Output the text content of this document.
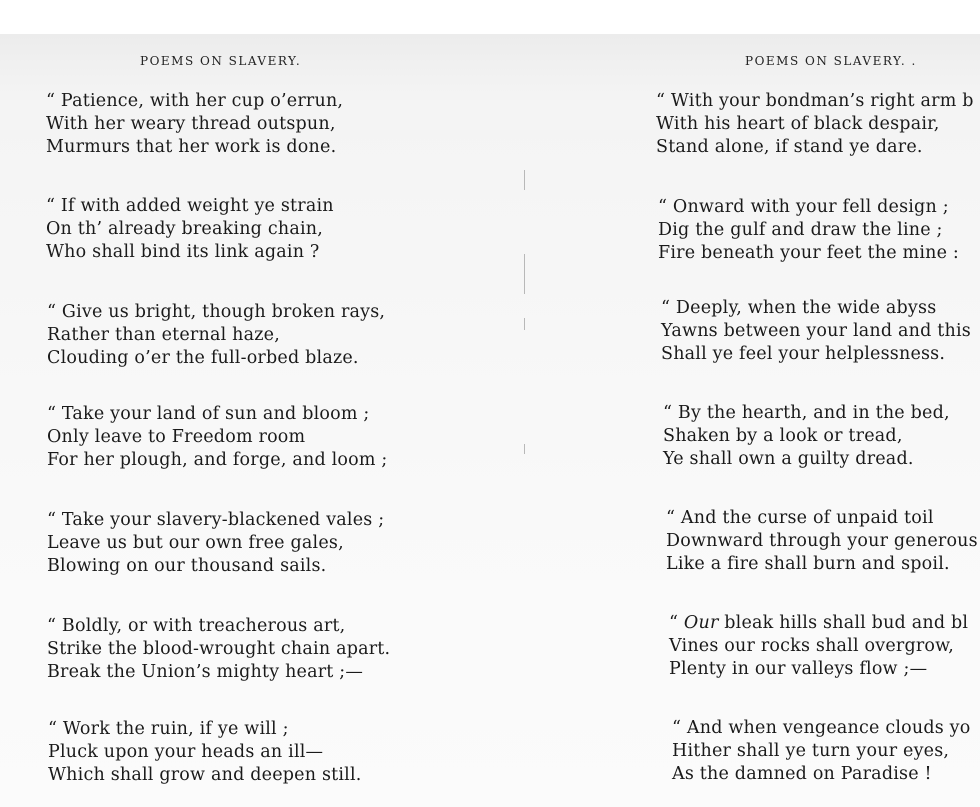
POEMS ON SLAVERY.
“ Patience, with her cup o’errun,
With her weary thread outspun,
Murmurs that her work is done.
“ If with added weight ye strain
On th’ already breaking chain,
Who shall bind its link again ?
“ Give us bright, though broken rays,
Rather than eternal haze,
Clouding o’er the full-orbed blaze.
“ Take your land of sun and bloom ;
Only leave to Freedom room
For her plough, and forge, and loom ;
“ Take your slavery-blackened vales ;
Leave us but our own free gales,
Blowing on our thousand sails.
“ Boldly, or with treacherous art,
Strike the blood-wrought chain apart.
Break the Union’s mighty heart ;—
“ Work the ruin, if ye will ;
Pluck upon your heads an ill—
Which shall grow and deepen still.
POEMS ON SLAVERY. .
“ With your bondman’s right arm b
With his heart of black despair,
Stand alone, if stand ye dare.
“ Onward with your fell design ;
Dig the gulf and draw the line ;
Fire beneath your feet the mine :
“ Deeply, when the wide abyss
Yawns between your land and this
Shall ye feel your helplessness.
“ By the hearth, and in the bed,
Shaken by a look or tread,
Ye shall own a guilty dread.
“ And the curse of unpaid toil
Downward through your generous
Like a fire shall burn and spoil.
“ Our bleak hills shall bud and bl
Vines our rocks shall overgrow,
Plenty in our valleys flow ;—
“ And when vengeance clouds yo
Hither shall ye turn your eyes,
As the damned on Paradise !
